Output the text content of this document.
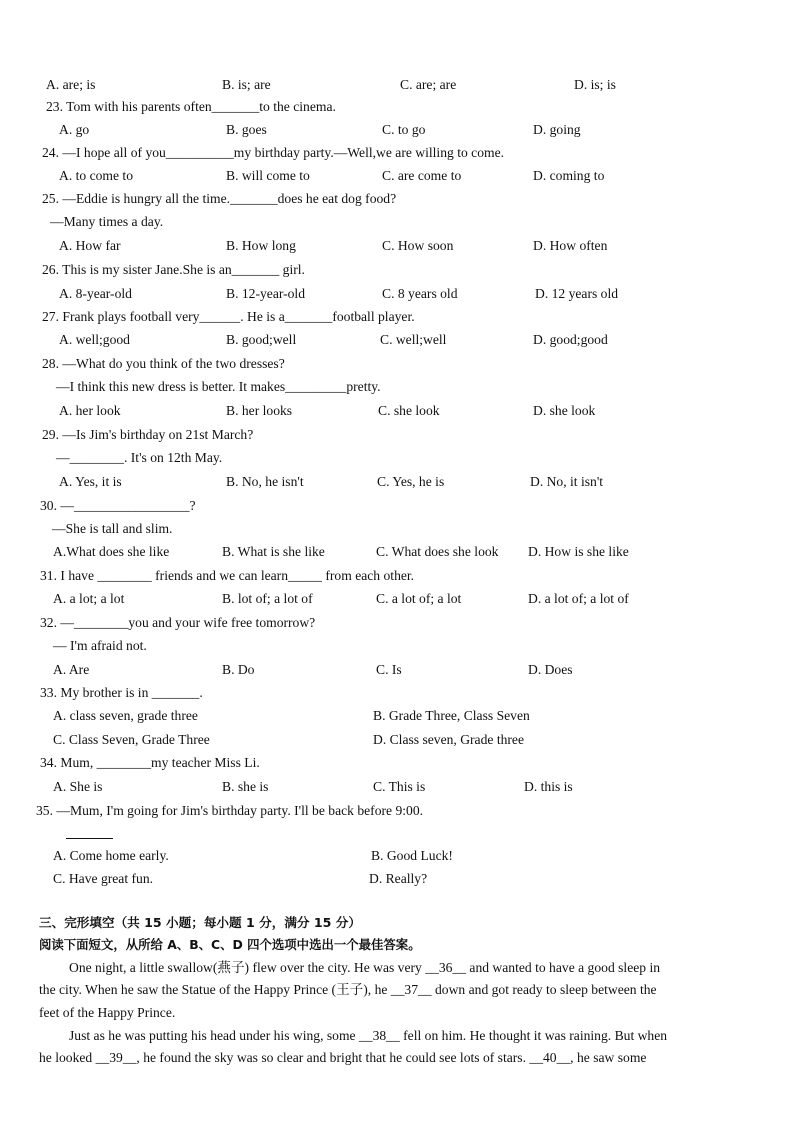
A. are; is	B. is; are	C. are; are	D. is; is
23. Tom with his parents often_______to the cinema.
A. go	B. goes	C. to go	D. going
24. —I hope all of you__________my birthday party.—Well,we are willing to come.
A. to come to	B. will come to	C. are come to	D. coming to
25. —Eddie is hungry all the time._______does he eat dog food?
—Many times a day.
A. How far	B. How long	C. How soon	D. How often
26. This is my sister Jane.She is an_______ girl.
A. 8-year-old	B. 12-year-old	C. 8 years old	D. 12 years old
27. Frank plays football very______. He is a_______football player.
A. well;good	B. good;well	C. well;well	D. good;good
28. —What do you think of the two dresses?
—I think this new dress is better. It makes_________pretty.
A. her look	B. her looks	C. she look	D. she look
29. —Is Jim's birthday on 21st March?
—________. It's on 12th May.
A. Yes, it is	B. No, he isn't	C. Yes, he is	D. No, it isn't
30. —_________________?
—She is tall and slim.
A.What does she like	B. What is she like	C. What does she look D. How is she like
31. I have ________ friends and we can learn_____ from each other.
A. a lot; a lot	B. lot of; a lot of	C. a lot of; a lot	D. a lot of; a lot of
32. —________you and your wife free tomorrow?
— I'm afraid not.
A. Are	B. Do	C. Is	D. Does
33. My brother is in _______.
A. class seven, grade three	B. Grade Three, Class Seven
C. Class Seven, Grade Three	D. Class seven, Grade three
34. Mum, ________my teacher Miss Li.
A. She is	B. she is	C. This is	D. this is
35. —Mum, I'm going for Jim's birthday party. I'll be back before 9:00.
A. Come home early.	B. Good Luck!
C. Have great fun.	D. Really?
三、完形填空（共 15 小题；每小题 1 分，满分 15 分）
阅读下面短文，从所给 A、B、C、D 四个选项中选出一个最佳答案。
One night, a little swallow(燕子) flew over the city. He was very __36__ and wanted to have a good sleep in
the city. When he saw the Statue of the Happy Prince (王子), he __37__ down and got ready to sleep between the
feet of the Happy Prince.
Just as he was putting his head under his wing, some __38__ fell on him. He thought it was raining. But when
he looked __39__, he found the sky was so clear and bright that he could see lots of stars. __40__, he saw some
